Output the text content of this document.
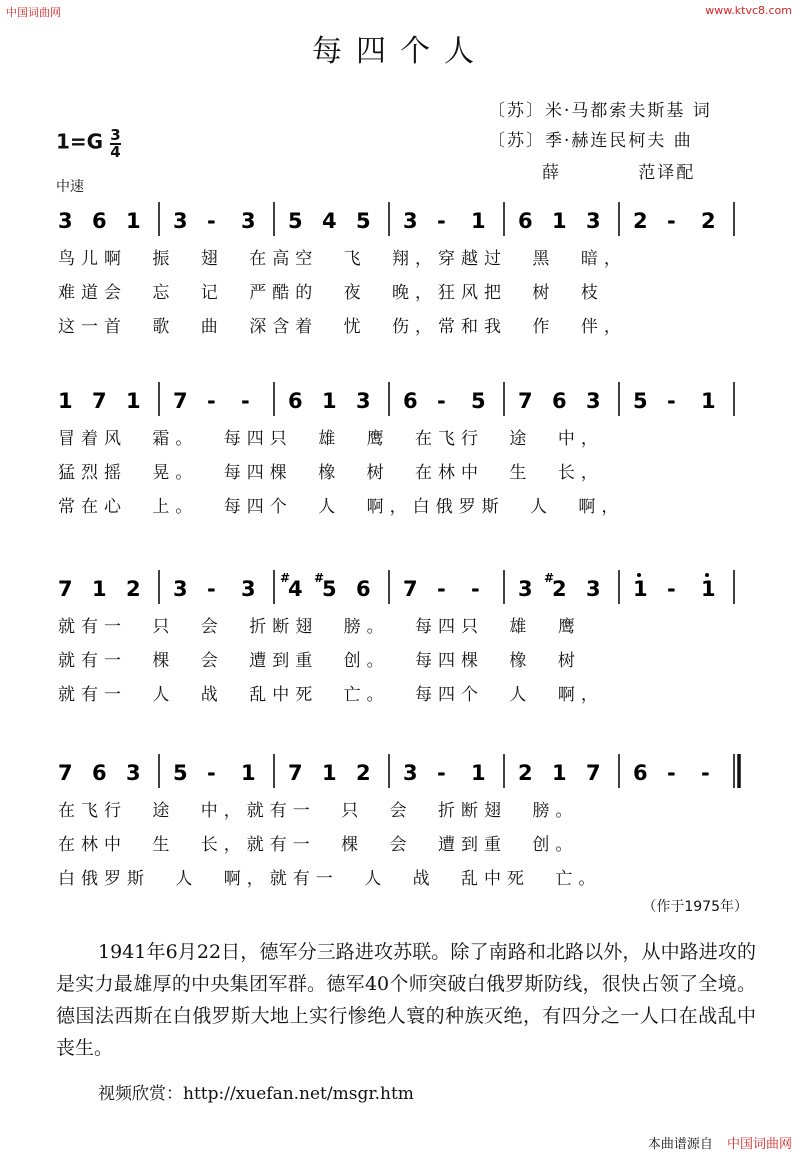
中国词曲网	www.ktvc8.com
每四个人
〔苏〕米·马都索夫斯基 词
〔苏〕季·赫连民柯夫 曲
薛 范译配
$1=G \frac{3}{4}$
中速
3 6 1 3 - 3 5 4 5 3 - 1 6 1 3 2 - 2
鸟儿啊 振 翅 在高空 飞 翔，穿越过 黑 暗，
难道会 忘 记 严酷的 夜 晚，狂风把 树 枝
这一首 歌 曲 深含着 忧 伤，常和我 作 伴，
1 7 1 7 - - 6 1 3 6 - 5 7 6 3 5 - 1
冒着风 霜。 每四只 雄 鹰 在飞行 途 中，
猛烈摇 晃。 每四棵 橡 树 在林中 生 长，
常在心 上。 每四个 人 啊，白俄罗斯 人 啊，
7 1 2 3 - 3 #
4 #
5 6 7 - - 3 #
2 3 1 - 1
就有一 只 会 折断翅 膀。 每四只 雄 鹰
就有一 棵 会 遭到重 创。 每四棵 橡 树
就有一 人 战 乱中死 亡。 每四个 人 啊，
7 6 3 5 - 1 7 1 2 3 - 1 2 1 7 6 - -
在飞行 途 中，就有一 只 会 折断翅 膀。
在林中 生 长，就有一 棵 会 遭到重 创。
白俄罗斯 人 啊，就有一 人 战 乱中死 亡。
（作于1975年）

1941年6月22日，德军分三路进攻苏联。除了南路和北路以外，从中路进攻的是实力最雄厚的中央集团军群。德军40个师突破白俄罗斯防线，很快占领了全境。德国法西斯在白俄罗斯大地上实行惨绝人寰的种族灭绝，有四分之一人口在战乱中丧生。

视频欣赏：http://xuefan.net/msgr.htm
本曲谱源自 中国词曲网
